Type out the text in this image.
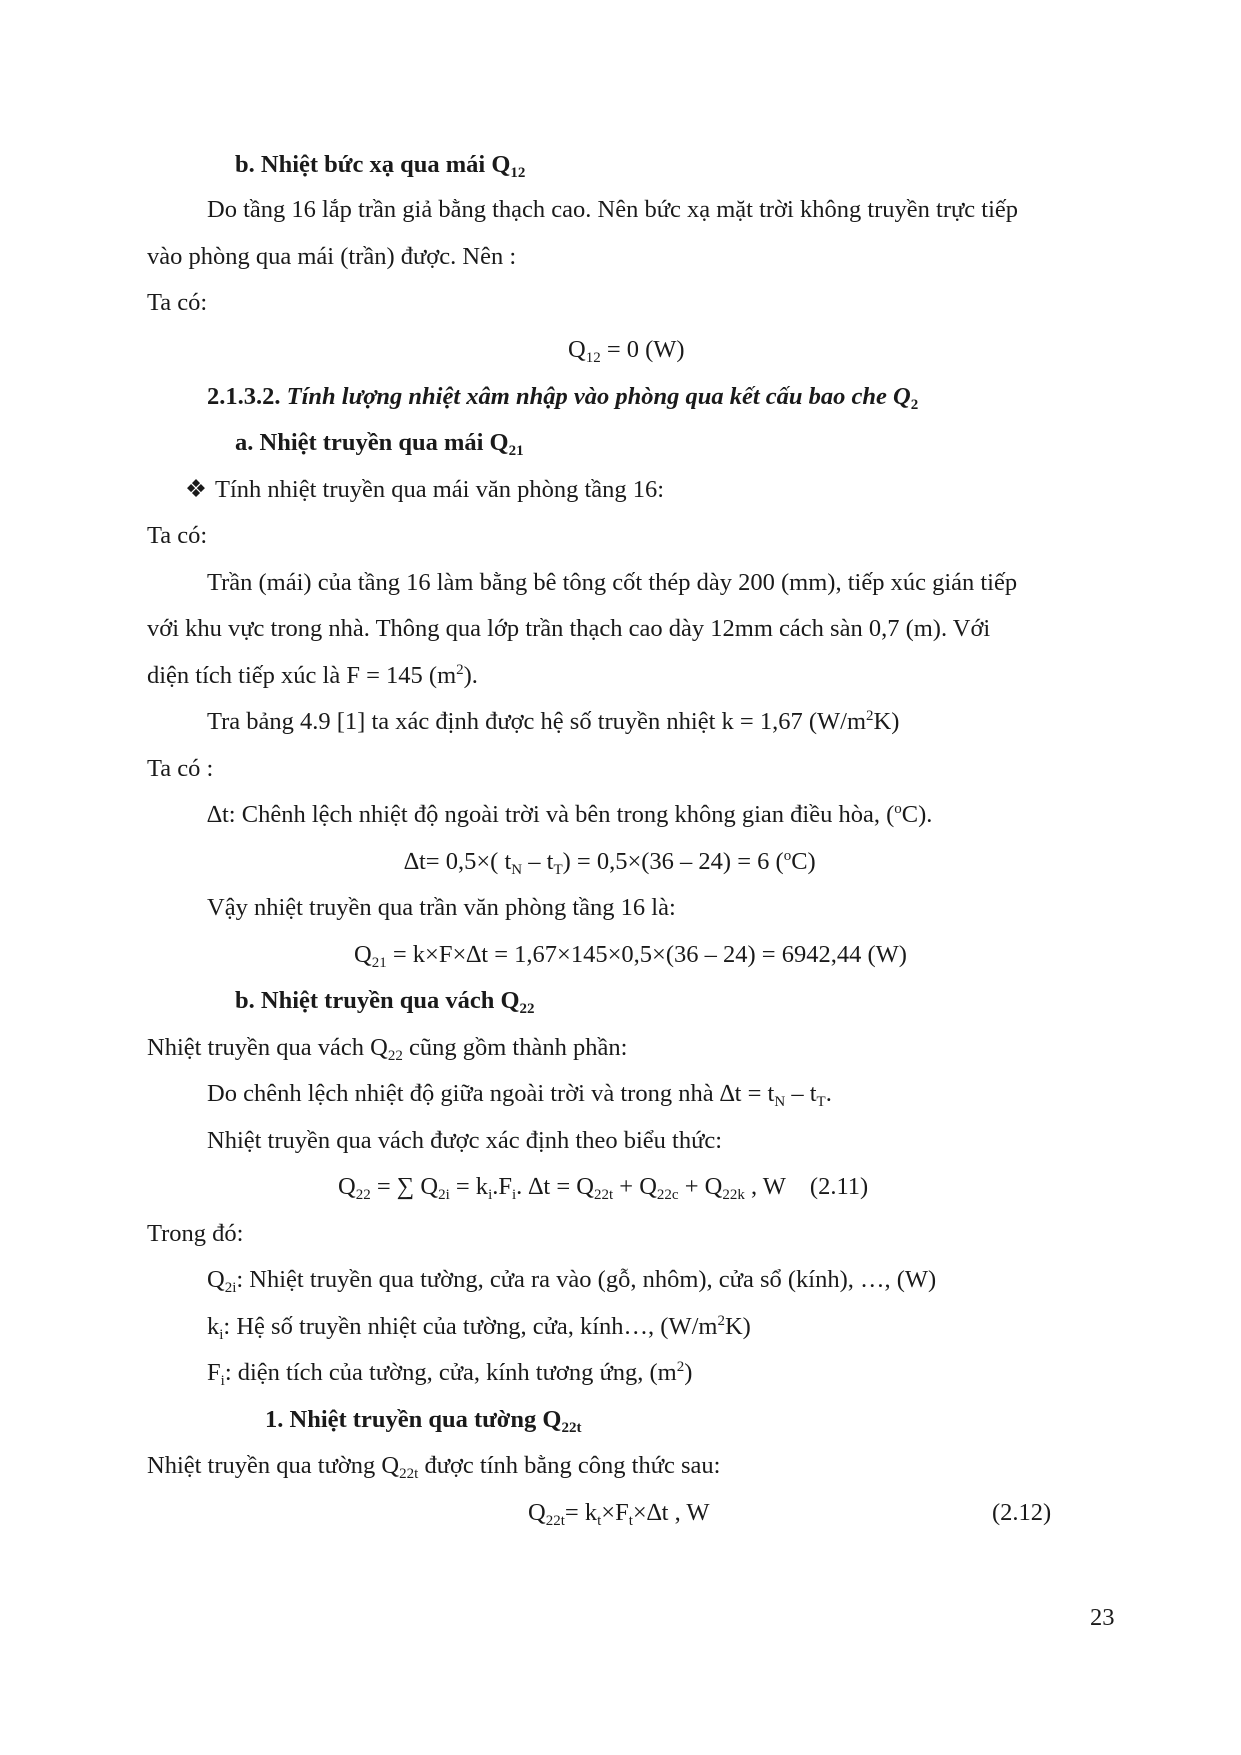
b. Nhiệt bức xạ qua mái $Q_{12}$
Do tầng 16 lắp trần giả bằng thạch cao. Nên bức xạ mặt trời không truyền trực tiếp
vào phòng qua mái (trần) được. Nên :
Ta có:
$Q_{12} = 0$ (W)
2.1.3.2. Tính lượng nhiệt xâm nhập vào phòng qua kết cấu bao che $Q_2$
a. Nhiệt truyền qua mái $Q_{21}$
❖ Tính nhiệt truyền qua mái văn phòng tầng 16:
Ta có:
Trần (mái) của tầng 16 làm bằng bê tông cốt thép dày 200 (mm), tiếp xúc gián tiếp
với khu vực trong nhà. Thông qua lớp trần thạch cao dày 12mm cách sàn 0,7 (m). Với
diện tích tiếp xúc là F = 145 $(m^2)$.
Tra bảng 4.9 [1] ta xác định được hệ số truyền nhiệt k = 1,67 $(W/m^2K)$
Ta có :
∆t: Chênh lệch nhiệt độ ngoài trời và bên trong không gian điều hòa, ($^o$C).
∆t= 0,5×( $t_N - t_T) = 0,5\times(36 - 24) = 6$ ($^o$C)
Vậy nhiệt truyền qua trần văn phòng tầng 16 là:
$Q_{21} = k\times F\times\Delta t = 1,67\times 145\times 0,5\times(36 - 24) = 6942,44$ (W)
b. Nhiệt truyền qua vách $Q_{22}$
Nhiệt truyền qua vách $Q_{22}$ cũng gồm thành phần:
Do chênh lệch nhiệt độ giữa ngoài trời và trong nhà $\Delta t = t_N - t_T$.
Nhiệt truyền qua vách được xác định theo biểu thức:
$Q_{22}$ = ∑ $Q_{2i} = k_i.F_i$. $\Delta t = Q_{22t} + Q_{22c} + Q_{22k}$ , W (2.11)
Trong đó:
$Q_{2i}$: Nhiệt truyền qua tường, cửa ra vào (gỗ, nhôm), cửa sổ (kính), …, (W)
$k_i$: Hệ số truyền nhiệt của tường, cửa, kính…, $(W/m^2K)$
$F_i$: diện tích của tường, cửa, kính tương ứng, $(m^2)$
1. Nhiệt truyền qua tường $Q_{22t}$
Nhiệt truyền qua tường $Q_{22t}$ được tính bằng công thức sau:
$Q_{22t}= k_t\times F_t\times\Delta t$ , W	(2.12)
23
